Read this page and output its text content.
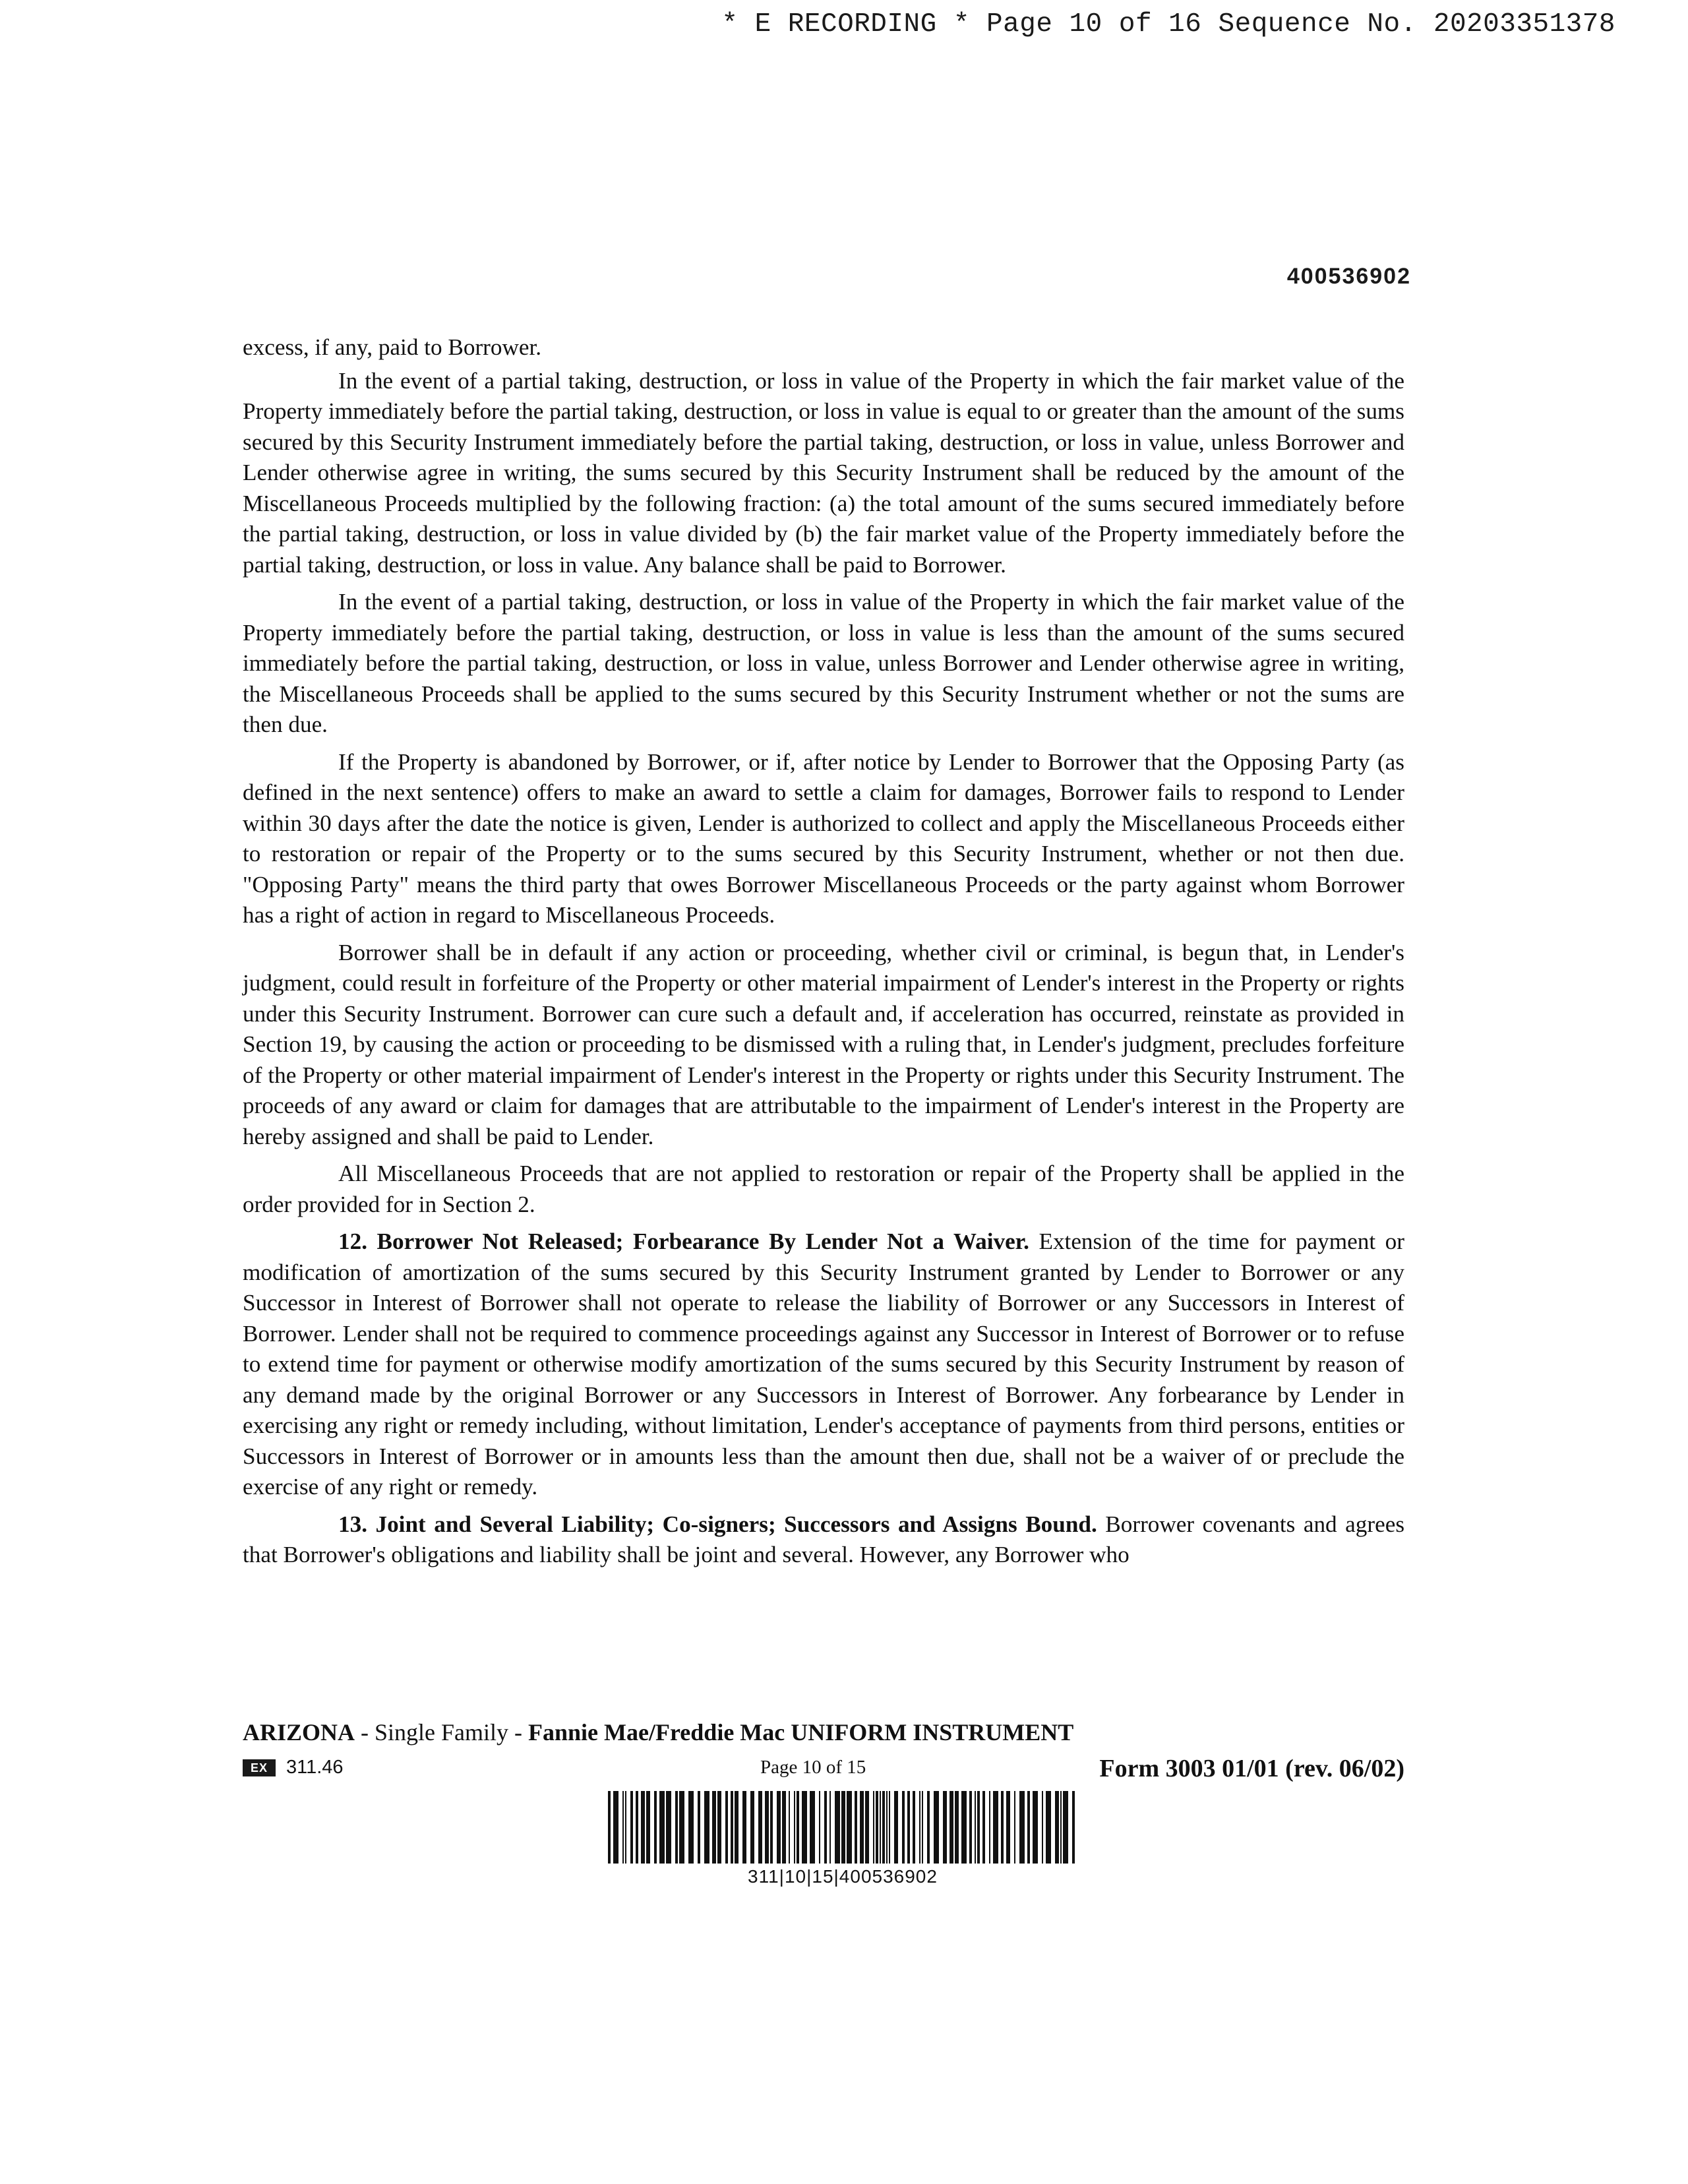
* E RECORDING * Page 10 of 16 Sequence No. 20203351378
400536902

excess, if any, paid to Borrower.

In the event of a partial taking, destruction, or loss in value of the Property in which the fair market value of the Property immediately before the partial taking, destruction, or loss in value is equal to or greater than the amount of the sums secured by this Security Instrument immediately before the partial taking, destruction, or loss in value, unless Borrower and Lender otherwise agree in writing, the sums secured by this Security Instrument shall be reduced by the amount of the Miscellaneous Proceeds multiplied by the following fraction: (a) the total amount of the sums secured immediately before the partial taking, destruction, or loss in value divided by (b) the fair market value of the Property immediately before the partial taking, destruction, or loss in value. Any balance shall be paid to Borrower.

In the event of a partial taking, destruction, or loss in value of the Property in which the fair market value of the Property immediately before the partial taking, destruction, or loss in value is less than the amount of the sums secured immediately before the partial taking, destruction, or loss in value, unless Borrower and Lender otherwise agree in writing, the Miscellaneous Proceeds shall be applied to the sums secured by this Security Instrument whether or not the sums are then due.

If the Property is abandoned by Borrower, or if, after notice by Lender to Borrower that the Opposing Party (as defined in the next sentence) offers to make an award to settle a claim for damages, Borrower fails to respond to Lender within 30 days after the date the notice is given, Lender is authorized to collect and apply the Miscellaneous Proceeds either to restoration or repair of the Property or to the sums secured by this Security Instrument, whether or not then due. "Opposing Party" means the third party that owes Borrower Miscellaneous Proceeds or the party against whom Borrower has a right of action in regard to Miscellaneous Proceeds.

Borrower shall be in default if any action or proceeding, whether civil or criminal, is begun that, in Lender's judgment, could result in forfeiture of the Property or other material impairment of Lender's interest in the Property or rights under this Security Instrument. Borrower can cure such a default and, if acceleration has occurred, reinstate as provided in Section 19, by causing the action or proceeding to be dismissed with a ruling that, in Lender's judgment, precludes forfeiture of the Property or other material impairment of Lender's interest in the Property or rights under this Security Instrument. The proceeds of any award or claim for damages that are attributable to the impairment of Lender's interest in the Property are hereby assigned and shall be paid to Lender.

All Miscellaneous Proceeds that are not applied to restoration or repair of the Property shall be applied in the order provided for in Section 2.

12. Borrower Not Released; Forbearance By Lender Not a Waiver. Extension of the time for payment or modification of amortization of the sums secured by this Security Instrument granted by Lender to Borrower or any Successor in Interest of Borrower shall not operate to release the liability of Borrower or any Successors in Interest of Borrower. Lender shall not be required to commence proceedings against any Successor in Interest of Borrower or to refuse to extend time for payment or otherwise modify amortization of the sums secured by this Security Instrument by reason of any demand made by the original Borrower or any Successors in Interest of Borrower. Any forbearance by Lender in exercising any right or remedy including, without limitation, Lender's acceptance of payments from third persons, entities or Successors in Interest of Borrower or in amounts less than the amount then due, shall not be a waiver of or preclude the exercise of any right or remedy.

13. Joint and Several Liability; Co-signers; Successors and Assigns Bound. Borrower covenants and agrees that Borrower's obligations and liability shall be joint and several. However, any Borrower who

ARIZONA - Single Family - Fannie Mae/Freddie Mac UNIFORM INSTRUMENT
EX 311.46	Page 10 of 15	Form 3003 01/01 (rev. 06/02)
311|10|15|400536902
